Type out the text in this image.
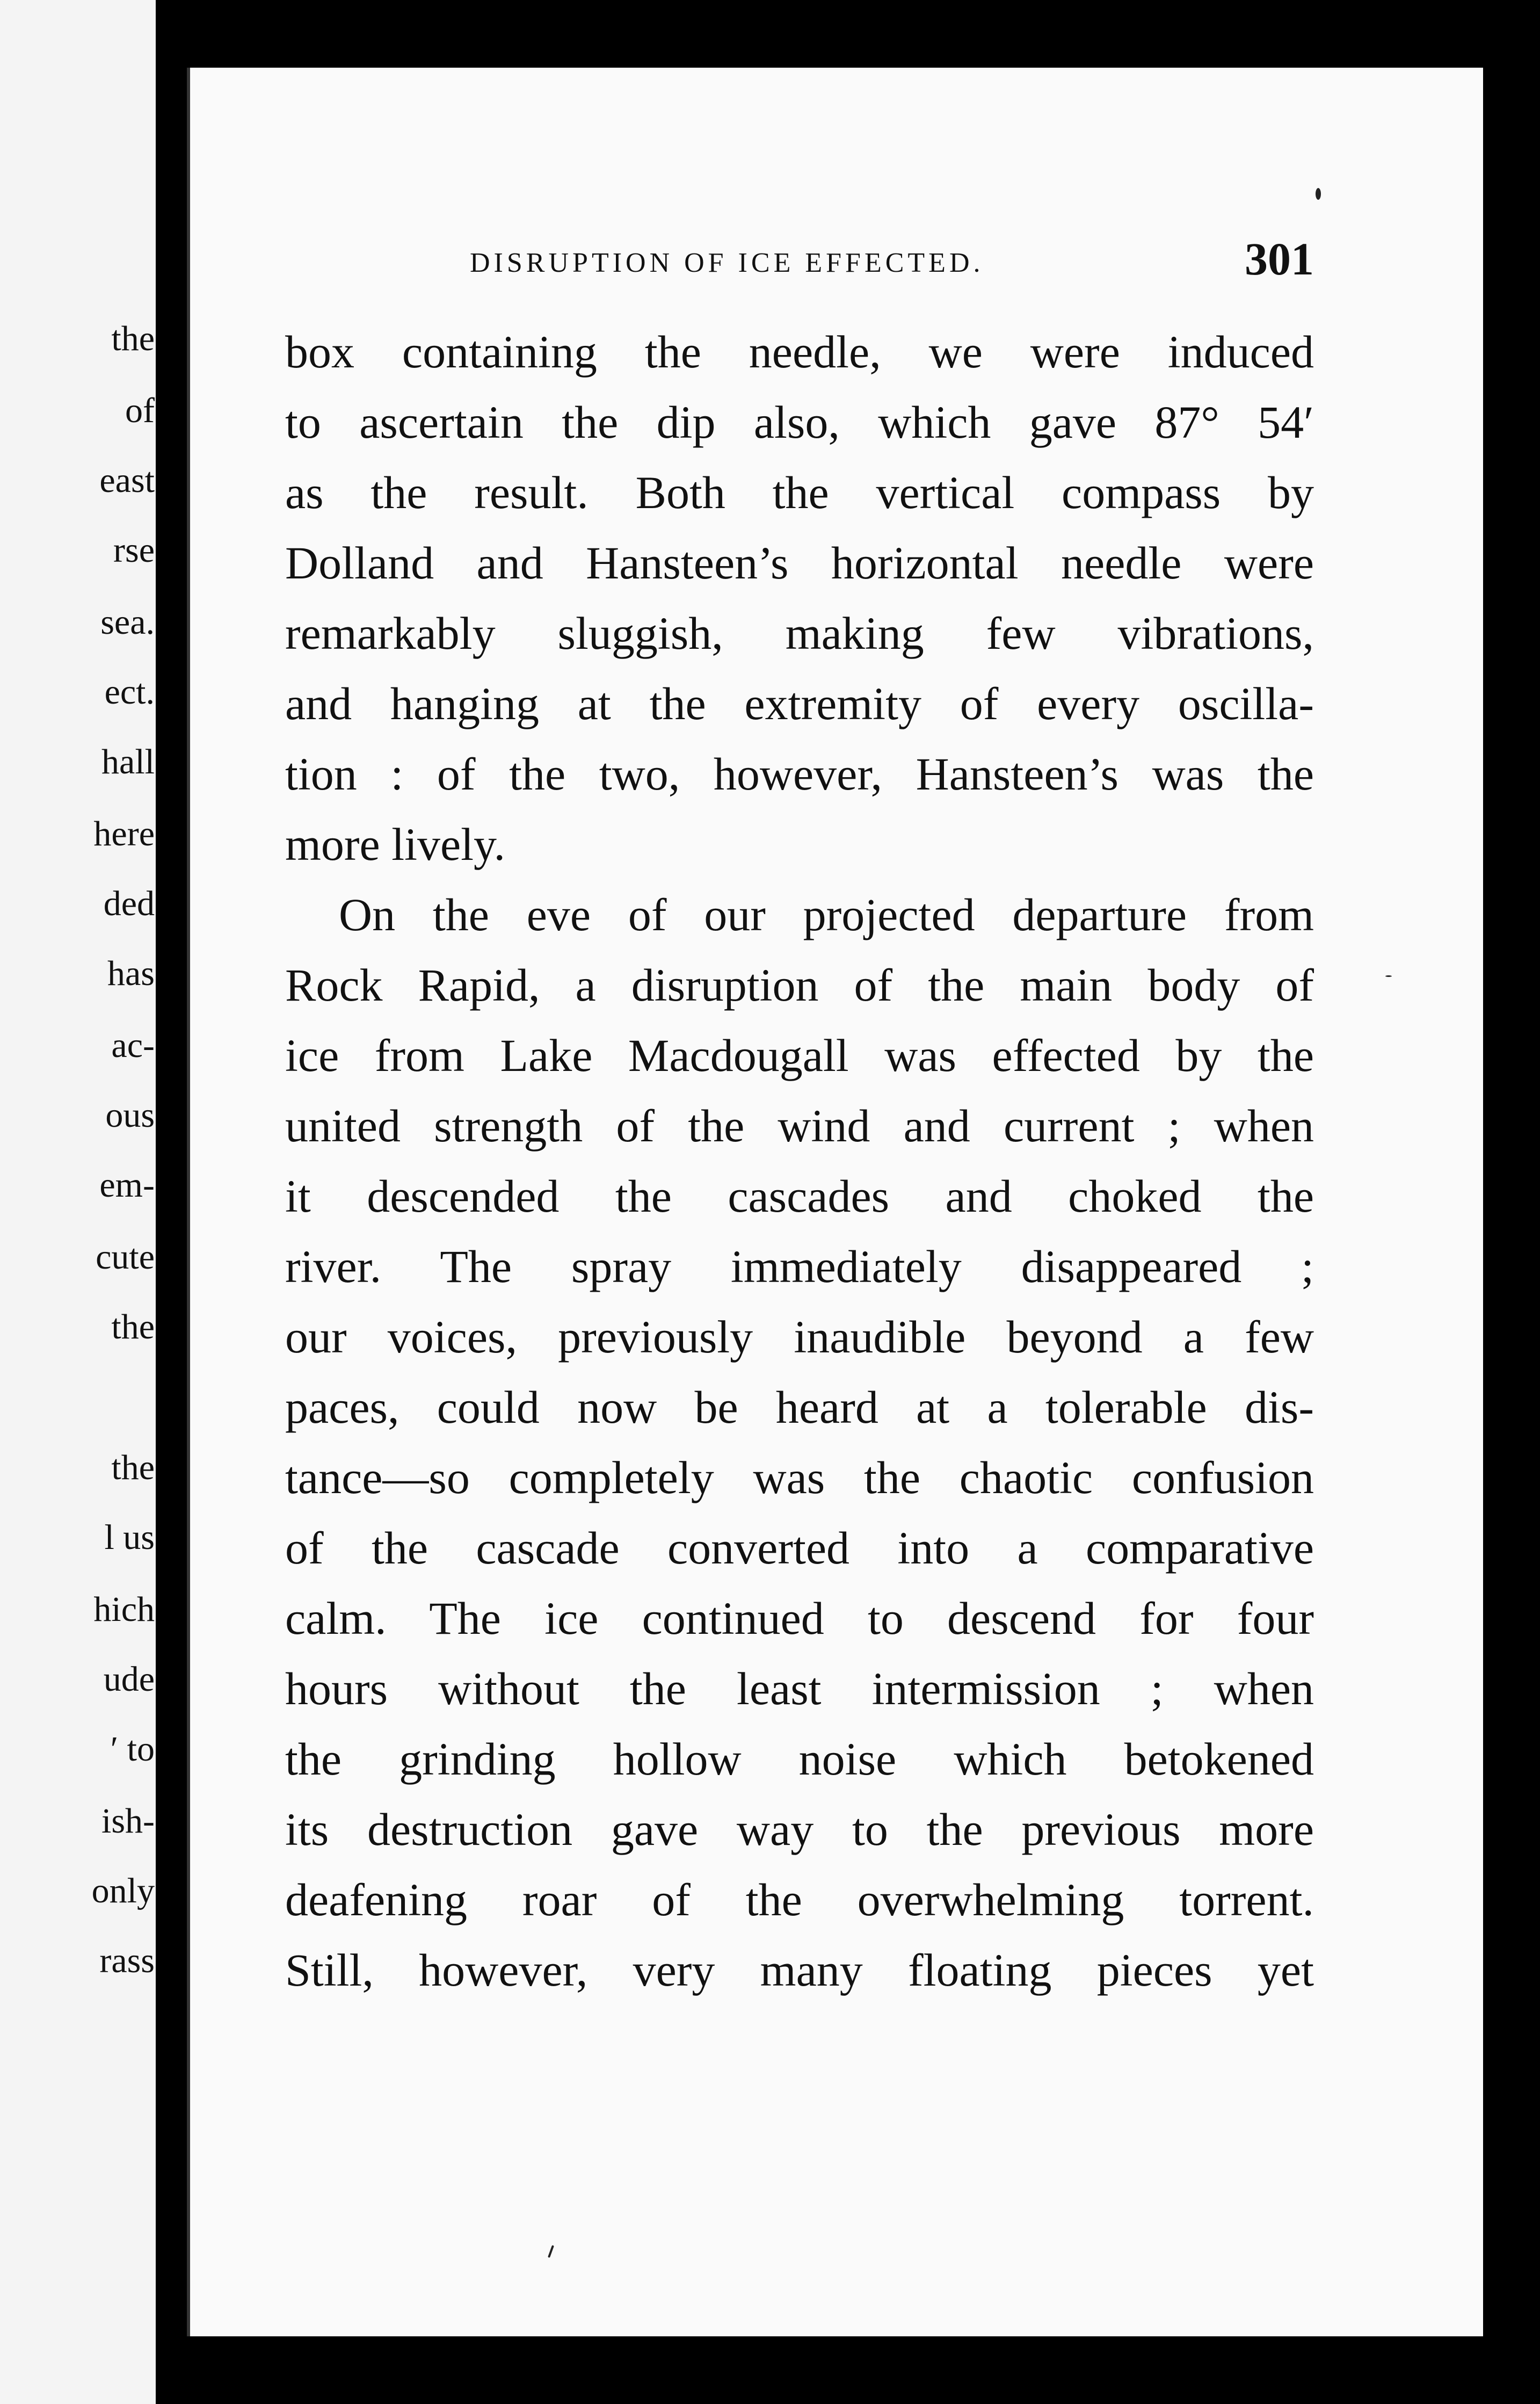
the
of
east
rse
sea.
ect.
hall
here
ded
has
ac-
ous
em-
cute
the
the
l us
hich
ude
′ to
ish-
only
rass
DISRUPTION OF ICE EFFECTED.	301
box containing the needle, we were induced
to ascertain the dip also, which gave 87° 54′
as the result. Both the vertical compass by
Dolland and Hansteen’s horizontal needle were
remarkably sluggish, making few vibrations,
and hanging at the extremity of every oscilla-
tion : of the two, however, Hansteen’s was the
more lively.
On the eve of our projected departure from
Rock Rapid, a disruption of the main body of
ice from Lake Macdougall was effected by the
united strength of the wind and current ; when
it descended the cascades and choked the
river. The spray immediately disappeared ;
our voices, previously inaudible beyond a few
paces, could now be heard at a tolerable dis-
tance—so completely was the chaotic confusion
of the cascade converted into a comparative
calm. The ice continued to descend for four
hours without the least intermission ; when
the grinding hollow noise which betokened
its destruction gave way to the previous more
deafening roar of the overwhelming torrent.
Still, however, very many floating pieces yet
